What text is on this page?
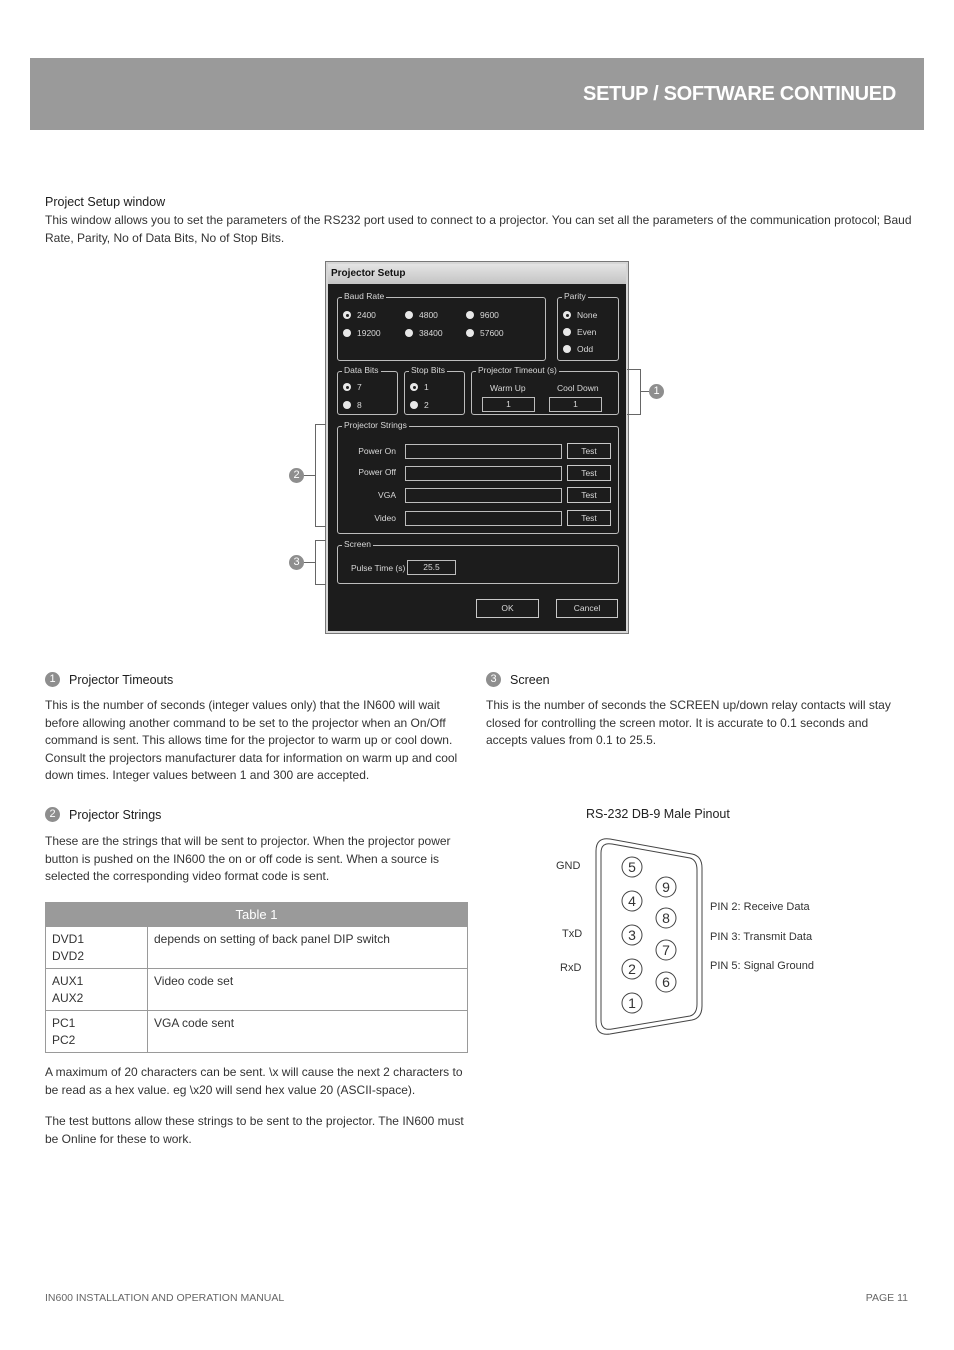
SETUP / SOFTWARE CONTINUED
Project Setup window
This window allows you to set the parameters of the RS232 port used to connect to a projector. You can set all the parameters of the communication protocol; Baud Rate, Parity, No of Data Bits, No of Stop Bits.
Projector Setup
Baud Rate
2400	4800	9600
19200	38400	57600
Parity
None
Even
Odd
Data Bits
7
8
Stop Bits
1
2
Projector Timeout (s)
Warm Up	Cool Down
1	1
Projector Strings
Power On
Power Off
VGA
Video
Test
Test
Test
Test
Screen
Pulse Time (s)	25.5
OK	Cancel
1
2
3
1	Projector Timeouts
This is the number of seconds (integer values only) that the IN600 will wait before allowing another command to be set to the projector when an On/Off command is sent. This allows time for the projector to warm up or cool down. Consult the projectors manufacturer data for information on warm up and cool down times. Integer values between 1 and 300 are accepted.
3	Screen
This is the number of seconds the SCREEN up/down relay contacts will stay closed for controlling the screen motor. It is accurate to 0.1 seconds and accepts values from 0.1 to 25.5.
2	Projector Strings
These are the strings that will be sent to projector. When the projector power button is pushed on the IN600 the on or off code is sent. When a source is selected the corresponding video format code is sent.
Table 1	
DVD1
DVD2	depends on setting of back panel DIP switch
AUX1
AUX2	Video code set
PC1
PC2	VGA code sent
A maximum of 20 characters can be sent. \x will cause the next 2 characters to be read as a hex value. eg \x20 will send hex value 20 (ASCII-space).
The test buttons allow these strings to be sent to the projector. The IN600 must be Online for these to work.
RS-232 DB-9 Male Pinout
GND
TxD
RxD
5
4
3
2
1
9
8
7
6
PIN 2: Receive Data
PIN 3: Transmit Data
PIN 5: Signal Ground
IN600 INSTALLATION AND OPERATION MANUAL	PAGE 11
